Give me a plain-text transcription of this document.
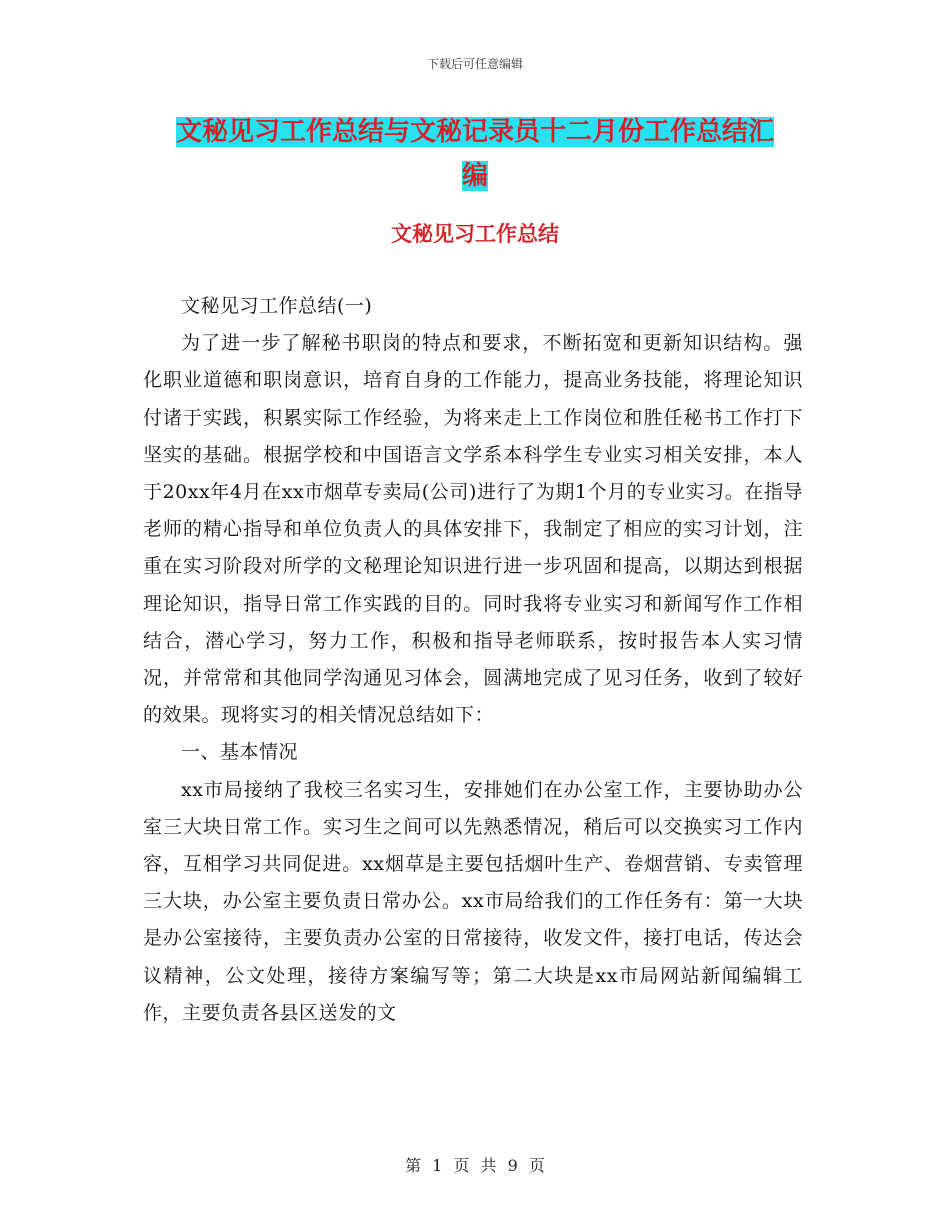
下载后可任意编辑
文秘见习工作总结与文秘记录员十二月份工作总结汇
编
文秘见习工作总结

文秘见习工作总结(一)

为了进一步了解秘书职岗的特点和要求，不断拓宽和更新知识结构。强化职业道德和职岗意识，培育自身的工作能力，提高业务技能，将理论知识付诸于实践，积累实际工作经验，为将来走上工作岗位和胜任秘书工作打下坚实的基础。根据学校和中国语言文学系本科学生专业实习相关安排，本人于20xx年4月在xx市烟草专卖局(公司)进行了为期1个月的专业实习。在指导老师的精心指导和单位负责人的具体安排下，我制定了相应的实习计划，注重在实习阶段对所学的文秘理论知识进行进一步巩固和提高，以期达到根据理论知识，指导日常工作实践的目的。同时我将专业实习和新闻写作工作相结合，潜心学习，努力工作，积极和指导老师联系，按时报告本人实习情况，并常常和其他同学沟通见习体会，圆满地完成了见习任务，收到了较好的效果。现将实习的相关情况总结如下：

一、基本情况

xx市局接纳了我校三名实习生，安排她们在办公室工作，主要协助办公室三大块日常工作。实习生之间可以先熟悉情况，稍后可以交换实习工作内容，互相学习共同促进。xx烟草是主要包括烟叶生产、卷烟营销、专卖管理三大块，办公室主要负责日常办公。xx市局给我们的工作任务有：第一大块是办公室接待，主要负责办公室的日常接待，收发文件，接打电话，传达会议精神，公文处理，接待方案编写等；第二大块是xx市局网站新闻编辑工作，主要负责各县区送发的文

第 1 页 共 9 页
